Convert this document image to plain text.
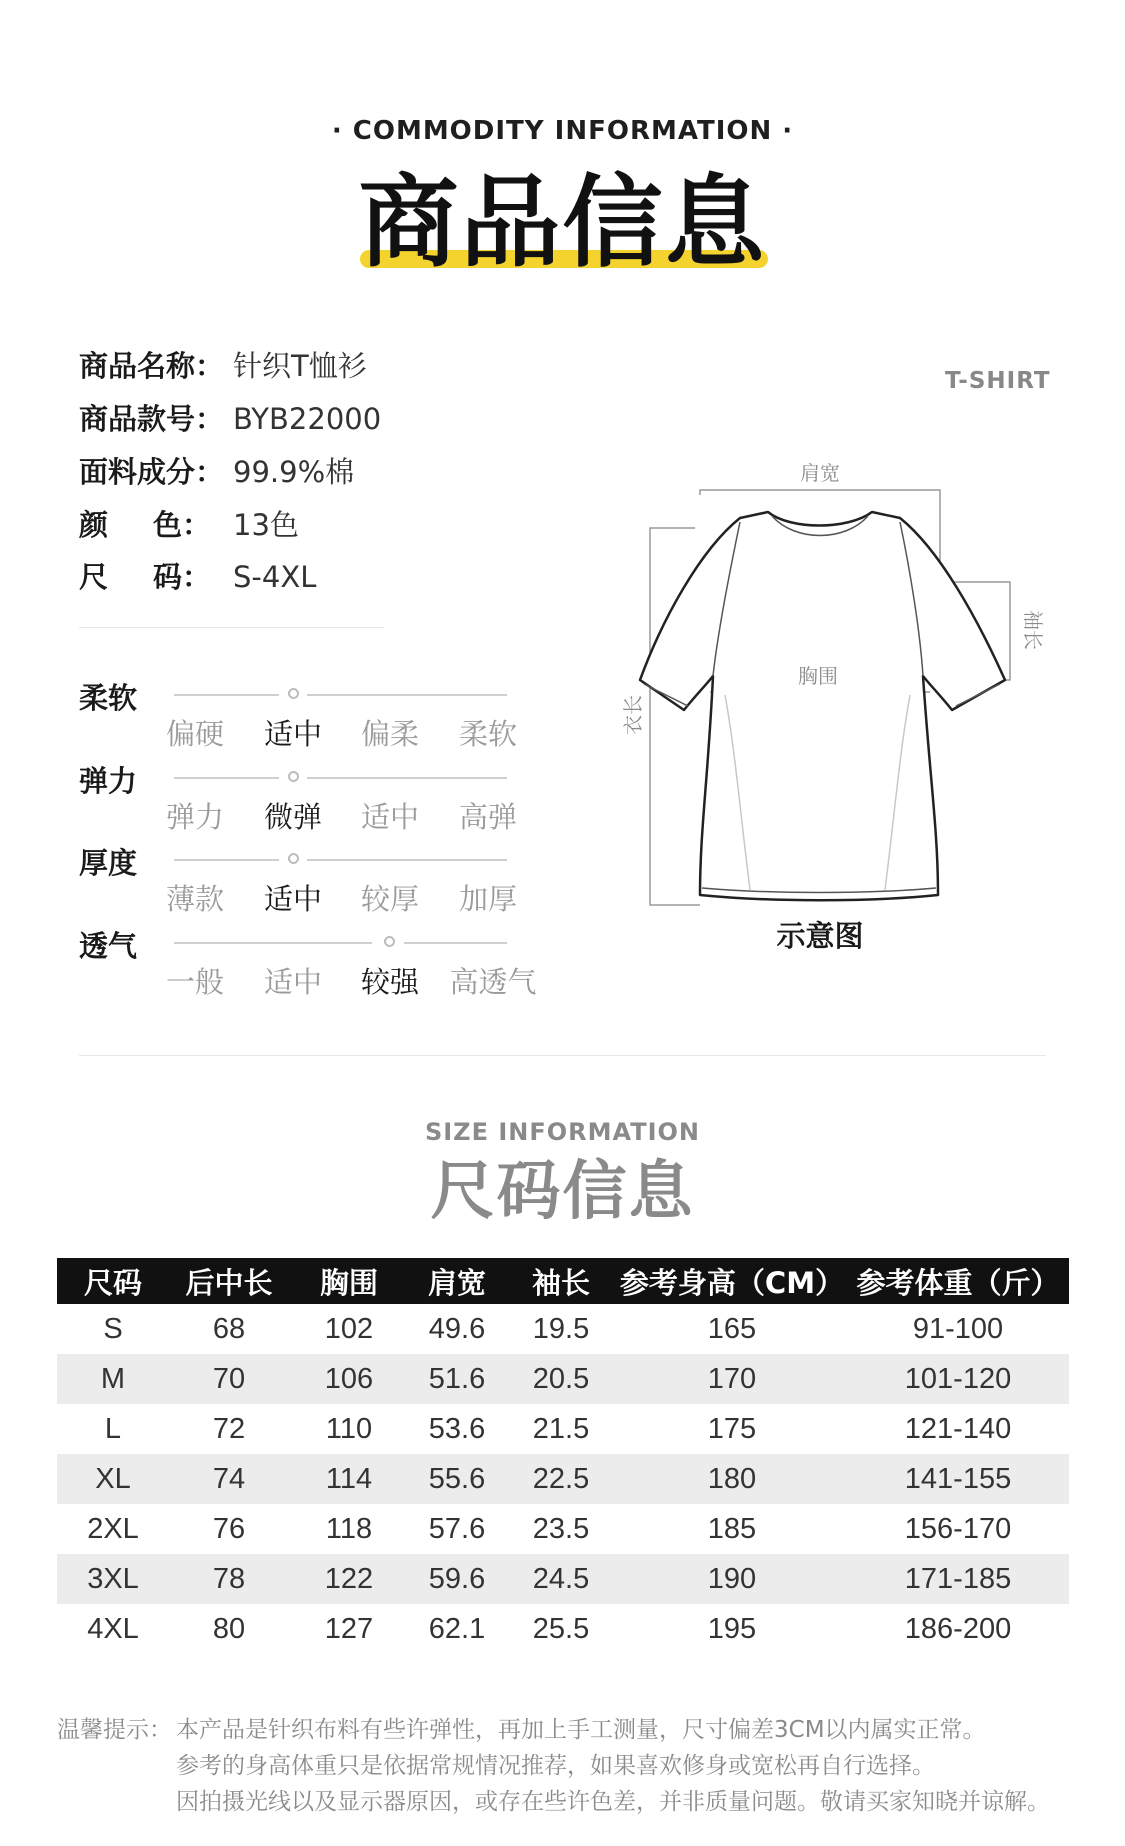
· COMMODITY INFORMATION ·
商品信息
商品名称： 针织T恤衫
商品款号： BYB22000
面料成分： 99.9%棉
颜 色： 13色
尺 码： S-4XL
柔软
偏硬	适中	偏柔	柔软
弹力
弹力	微弹	适中	高弹
厚度
薄款	适中	较厚	加厚
透气
一般	适中	较强	高透气
T-SHIRT
肩宽
胸围
袖长
衣长
示意图
SIZE INFORMATION
尺码信息
尺码	后中长	胸围	肩宽	袖长	参考身高（CM）	参考体重（斤）
S	68	102	49.6	19.5	165	91-100
M	70	106	51.6	20.5	170	101-120
L	72	110	53.6	21.5	175	121-140
XL	74	114	55.6	22.5	180	141-155
2XL	76	118	57.6	23.5	185	156-170
3XL	78	122	59.6	24.5	190	171-185
4XL	80	127	62.1	25.5	195	186-200
温馨提示： 本产品是针织布料有些许弹性，再加上手工测量，尺寸偏差3CM以内属实正常。
参考的身高体重只是依据常规情况推荐，如果喜欢修身或宽松再自行选择。
因拍摄光线以及显示器原因，或存在些许色差，并非质量问题。敬请买家知晓并谅解。
